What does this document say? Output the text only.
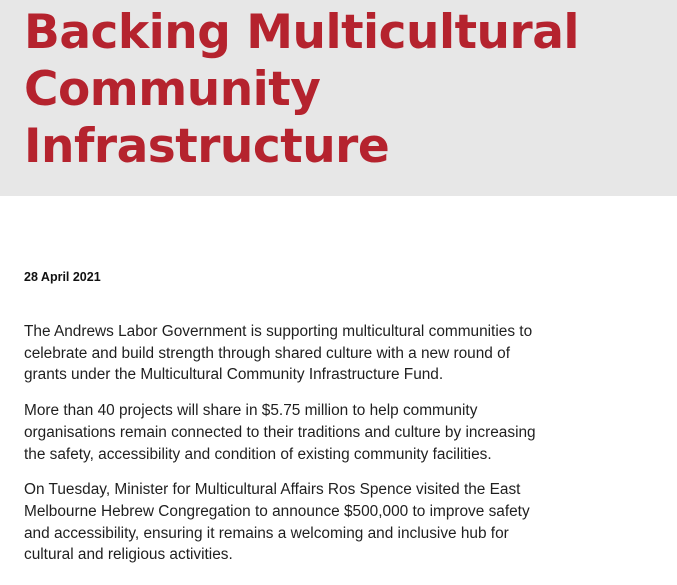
Backing Multicultural
Community
Infrastructure

28 April 2021

The Andrews Labor Government is supporting multicultural communities to
celebrate and build strength through shared culture with a new round of
grants under the Multicultural Community Infrastructure Fund.

More than 40 projects will share in $5.75 million to help community
organisations remain connected to their traditions and culture by increasing
the safety, accessibility and condition of existing community facilities.

On Tuesday, Minister for Multicultural Affairs Ros Spence visited the East
Melbourne Hebrew Congregation to announce $500,000 to improve safety
and accessibility, ensuring it remains a welcoming and inclusive hub for
cultural and religious activities.
